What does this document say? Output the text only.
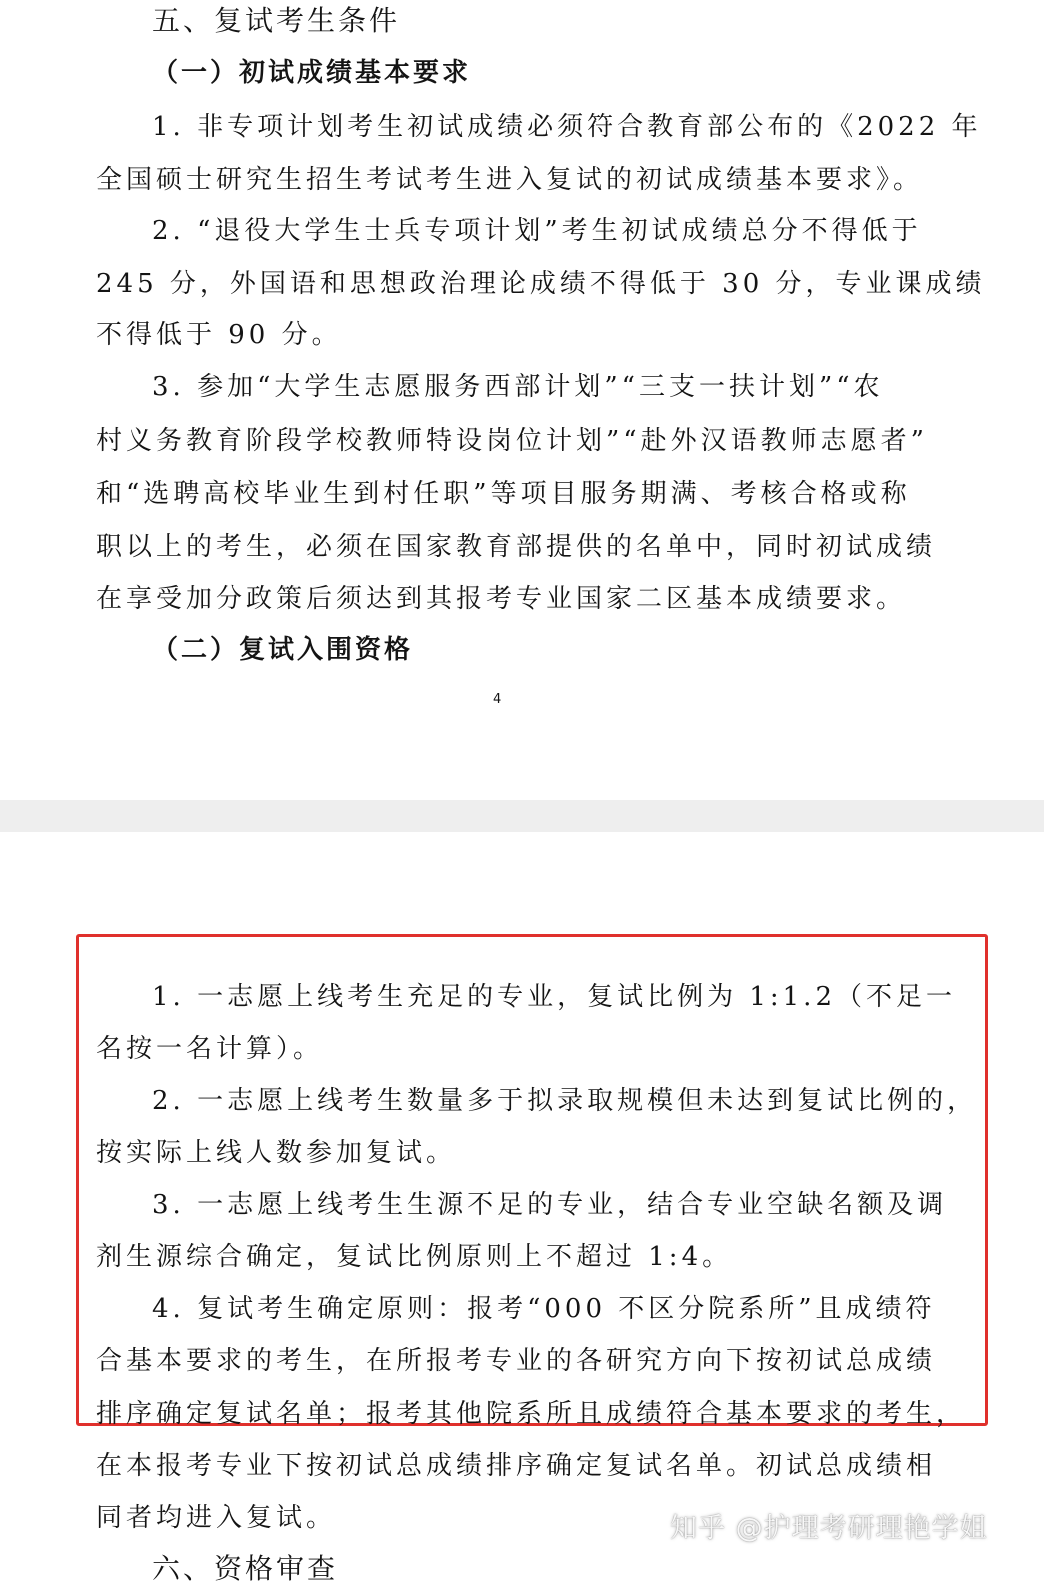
五、复试考生条件
（一）初试成绩基本要求
1. 非专项计划考生初试成绩必须符合教育部公布的《2022 年
全国硕士研究生招生考试考生进入复试的初试成绩基本要求》。
2. “退役大学生士兵专项计划”考生初试成绩总分不得低于
245 分，外国语和思想政治理论成绩不得低于 30 分，专业课成绩
不得低于 90 分。
3. 参加“大学生志愿服务西部计划”“三支一扶计划”“农
村义务教育阶段学校教师特设岗位计划”“赴外汉语教师志愿者”
和“选聘高校毕业生到村任职”等项目服务期满、考核合格或称
职以上的考生，必须在国家教育部提供的名单中，同时初试成绩
在享受加分政策后须达到其报考专业国家二区基本成绩要求。
（二）复试入围资格
4
1. 一志愿上线考生充足的专业，复试比例为 1:1.2（不足一
名按一名计算）。
2. 一志愿上线考生数量多于拟录取规模但未达到复试比例的，
按实际上线人数参加复试。
3. 一志愿上线考生生源不足的专业，结合专业空缺名额及调
剂生源综合确定，复试比例原则上不超过 1:4。
4. 复试考生确定原则：报考“000 不区分院系所”且成绩符
合基本要求的考生，在所报考专业的各研究方向下按初试总成绩
排序确定复试名单；报考其他院系所且成绩符合基本要求的考生，
在本报考专业下按初试总成绩排序确定复试名单。初试总成绩相
同者均进入复试。
六、资格审查
知乎 @护理考研理艳学姐
